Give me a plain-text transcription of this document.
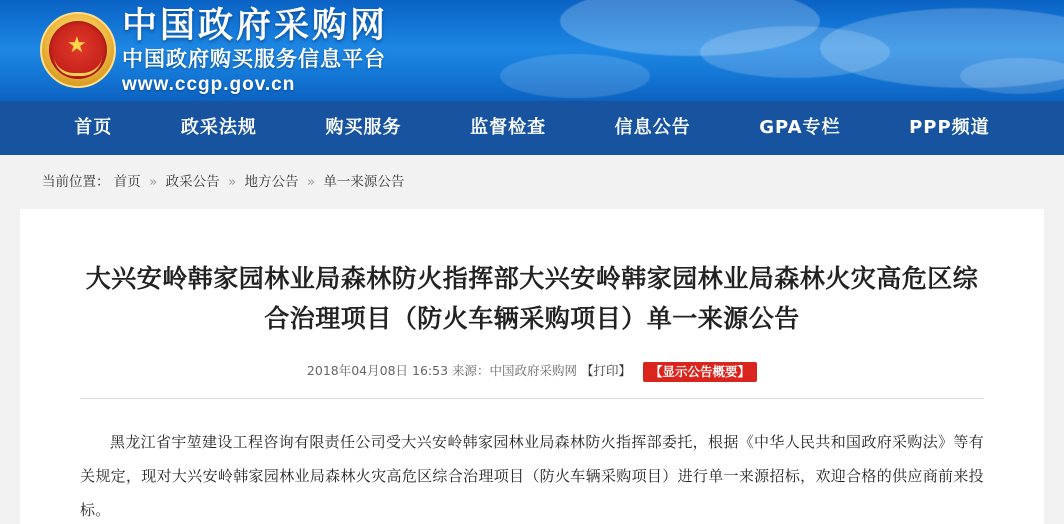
★ 中国政府采购网
中国政府购买服务信息平台
www.ccgp.gov.cn
首页	政采法规	购买服务	监督检查	信息公告	GPA专栏	PPP频道
当前位置： 首页 » 政采公告 » 地方公告 » 单一来源公告
大兴安岭韩家园林业局森林防火指挥部大兴安岭韩家园林业局森林火灾高危区综合治理项目（防火车辆采购项目）单一来源公告
2018年04月08日 16:53 来源：中国政府采购网 【打印】 【显示公告概要】
黑龙江省宇堃建设工程咨询有限责任公司受大兴安岭韩家园林业局森林防火指挥部委托，根据《中华人民共和国政府采购法》等有关规定，现对大兴安岭韩家园林业局森林火灾高危区综合治理项目（防火车辆采购项目）进行单一来源招标，欢迎合格的供应商前来投标。
